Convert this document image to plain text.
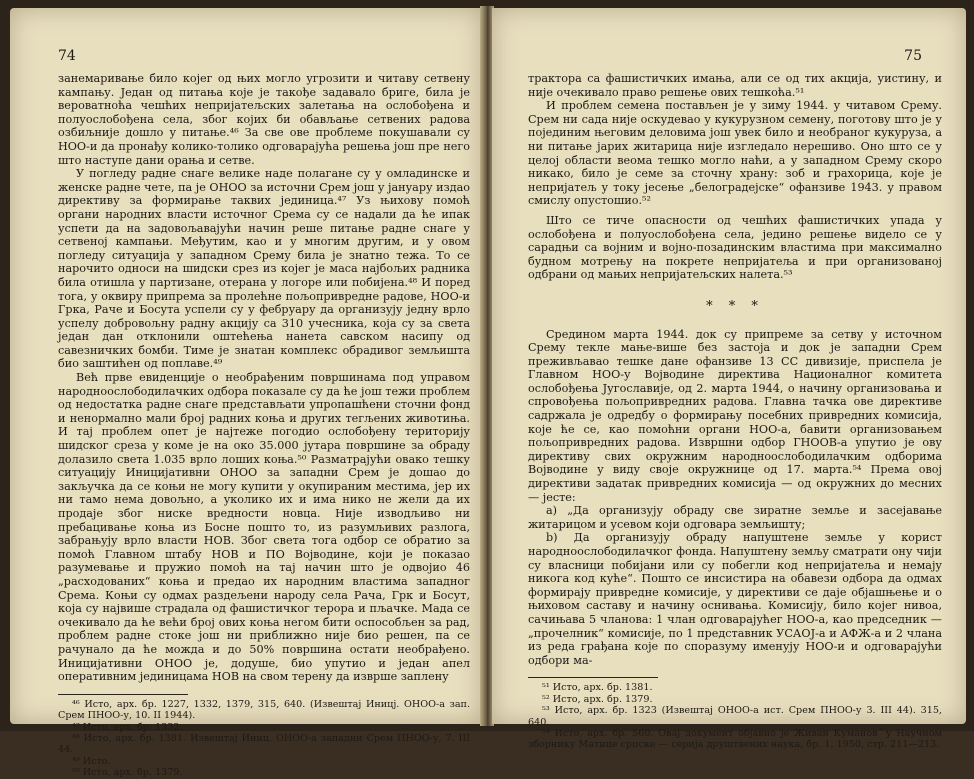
74

занемаривање било којег од њих могло угрозити и читаву сетвену кампању. Један од питања које је такође задавало бриге, била је вероватноћа чешћих непријатељских залетања на ослобођена и полуослобођена села, због којих би обављање сетвених радова озбиљније дошло у питање.⁴⁶ За све ове проблеме покушавали су НОО-и да пронађу колико-толико одговарајућа решења још пре него што наступе дани орања и сетве.

У погледу радне снаге велике наде полагане су у омладинске и женске радне чете, па је ОНОО за источни Срем још у јануару издао директиву за формирање таквих јединица.⁴⁷ Уз њихову помоћ органи народних власти источног Срема су се надали да ће ипак успети да на задовољавајући начин реше питање радне снаге у сетвеној кампањи. Међутим, као и у многим другим, и у овом погледу ситуација у западном Срему била је знатно тежа. То се нарочито односи на шидски срез из којег је маса најбољих радника била отишла у партизане, отерана у логоре или побијена.⁴⁸ И поред тога, у оквиру припрема за пролећне пољопривредне радове, НОО-и Грка, Раче и Босута успели су у фебруару да организују једну врло успелу добровољну радну акцију са 310 учесника, која су за света један дан отклонили оштећења нанета савском насипу од савезничких бомби. Тиме је знатан комплекс обрадивог земљишта био заштићен од поплаве.⁴⁹

Већ прве евиденције о необрађеним површинама под управом народноослободилачких одбора показале су да ће још тежи проблем од недостатка радне снаге представљати упропашћени сточни фонд и ненормално мали број радних коња и других тегљених животиња. И тај проблем опет је најтеже погодио ослобођену територију шидског среза у коме је на око 35.000 јутара површине за обраду долазило света 1.035 врло лоших коња.⁵⁰ Разматрајући овако тешку ситуацију Иницијативни ОНОО за западни Срем је дошао до закључка да се коњи не могу купити у окупираним местима, јер их ни тамо нема довољно, а уколико их и има нико не жели да их продаје због нискe вредности новца. Није изводљиво ни пребацивање коња из Босне пошто то, из разумљивих разлога, забрањују врло власти НОВ. Због света тога одбор се обратио за помоћ Главном штабу НОВ и ПО Војводине, који је показао разумевање и пружио помоћ на тај начин што је одвојио 46 „расходованих“ коња и предао их народним властима западног Срема. Коњи су одмах раздељени народу села Рача, Грк и Босут, која су највише страдала од фашистичког терора и пљачке. Мада се очекивало да ће већи број ових коња негом бити оспособљен за рад, проблем радне стоке још ни приближно није био решен, па се рачунало да ће можда и до 50% површина остати необрађено. Иницијативни ОНОО је, додуше, био упутио и један апел оперативним јединицама НОВ на свом терену да изврше заплену

⁴⁶ Исто, арх. бр. 1227, 1332, 1379, 315, 640. (Извештај Иницј. ОНОО-а зап. Срем ПНОО-у, 10. II 1944).
⁴⁷ Исто, арх. бр. 1332.
⁴⁸ Исто, арх. бр. 1381. Извештај Иниц. ОНОО-а западни Срем ПНОО-у, 7. III 44.
⁴⁹ Исто.
⁵⁰ Исто, арх. бр. 1379.
75

трактора са фашистичких имања, али се од тих акција, уистину, и није очекивало право решење овиx тешкоћа.⁵¹

И проблем семена постављен је у зиму 1944. у читавом Срему. Срем ни сада није оскудевао у кукурузном семену, поготову што је у појединим његовим деловима још увек било и необраног кукуруза, а ни питање јарих житарица није изгледало нерешиво. Оно што се у целој области веома тешко могло наћи, а у западном Срему скоро никако, било је семе за сточну храну: зоб и грахорица, које је непријатељ у току јесење „белоградејске“ офанзиве 1943. у правом смислу опустошио.⁵²

Што се тиче опасности од чешћих фашистичких упада у ослобођена и полуослобођена села, једино решење видело се у сарадњи са војним и војно-позадинским властима при максимално будном мотрењу на покрете непријатеља и при организованој одбрани од мањих непријатељских налета.⁵³

* * *

Средином марта 1944. док су припреме за сетву у источном Срему текле мање-више без застоја и док је западни Срем преживљавао тешке дане офанзиве 13 СС дивизије, приспела је Главном НОО-у Војводине директива Националног комитета ослобођења Југославије, од 2. марта 1944, о начину организовања и спровођења пољопривредних радова. Главна тачка ове директиве садржала је одредбу о формирању посебних привредних комисија, које ће се, као помоћни органи НОО-а, бавити организовањем пољопривредних радова. Извршни одбор ГНООВ-а упутио је ову директиву свих окружним народноослободилачким одборима Војводине у виду своје окружнице од 17. марта.⁵⁴ Према овој директиви задатак привредних комисија — од окружних до месних — јесте:

а) „Да организују обраду све зиратне земље и засејавање житарицом и усевом који одговара земљишту;

b) Да организују обраду напуштене земље у корист народноослободилачког фонда. Напуштену земљу сматрати ону чији су власници побијани или су побегли код непријатеља и немају никога код куће“. Пошто се инсистира на обавези одбора да одмах формирају привредне комисије, у директиви се даје објашњење и о њиховом саставу и начину оснивања. Комисију, било којег нивоа, сачињава 5 чланова: 1 члан одговарајућег НОО-а, као председник — „прочелник“ комисије, по 1 представник УСАОЈ-а и АФЖ-а и 2 члана из реда грађана које по споразуму именују НОО-и и одговарајући одбори ма-

⁵¹ Исто, арх. бр. 1381.
⁵² Исто, арх. бр. 1379.
⁵³ Исто, арх. бр. 1323 (Извештај ОНОО-а ист. Срем ПНОО-у 3. III 44). 315, 640.
⁵⁴ Исто, арх. бр. 560. Овај документ објавио је Живан Кумановˇу Научном зборнику Матице српске — серија друштвених наука, бр. 1, 1950, стр. 211—213.
